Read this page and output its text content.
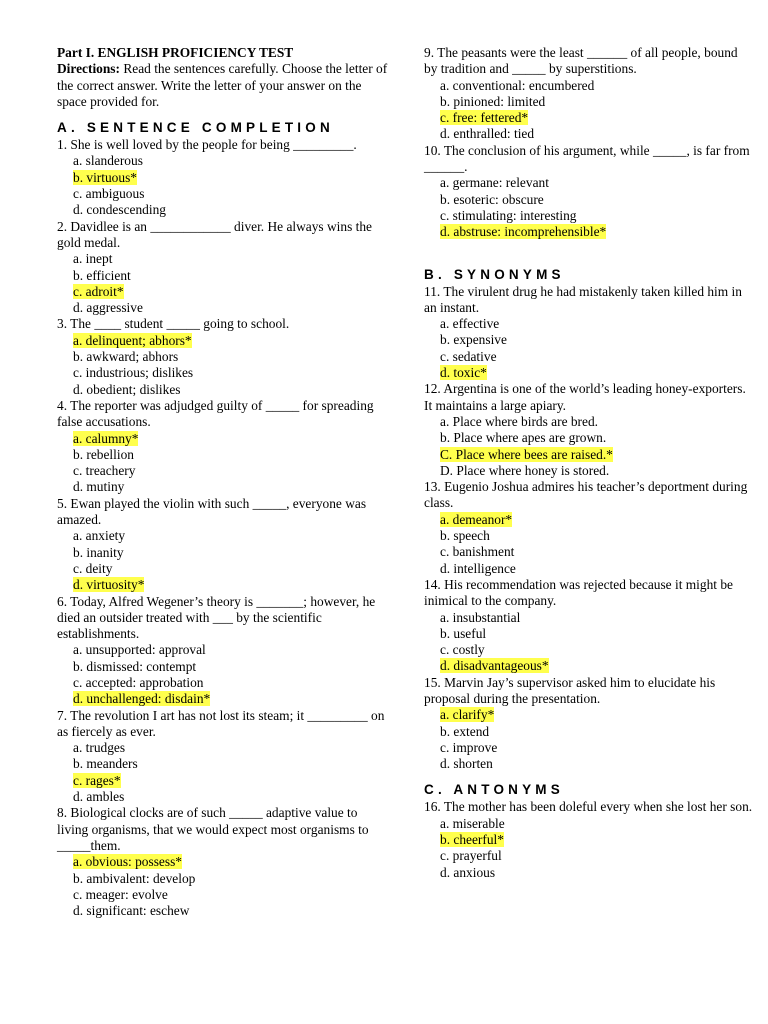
Part I. ENGLISH PROFICIENCY TEST
Directions: Read the sentences carefully. Choose the letter of the correct answer. Write the letter of your answer on the space provided for.
A. SENTENCE COMPLETION
1. She is well loved by the people for being _________.
a. slanderous
b. virtuous*
c. ambiguous
d. condescending
2. Davidlee is an ____________ diver. He always wins the gold medal.
a. inept
b. efficient
c. adroit*
d. aggressive
3. The ____ student _____ going to school.
a. delinquent; abhors*
b. awkward; abhors
c. industrious; dislikes
d. obedient; dislikes
4. The reporter was adjudged guilty of _____ for spreading false accusations.
a. calumny*
b. rebellion
c. treachery
d. mutiny
5. Ewan played the violin with such _____, everyone was amazed.
a. anxiety
b. inanity
c. deity
d. virtuosity*
6. Today, Alfred Wegener’s theory is _______; however, he died an outsider treated with ___ by the scientific establishments.
a. unsupported: approval
b. dismissed: contempt
c. accepted: approbation
d. unchallenged: disdain*
7. The revolution I art has not lost its steam; it _________ on as fiercely as ever.
a. trudges
b. meanders
c. rages*
d. ambles
8. Biological clocks are of such _____ adaptive value to living organisms, that we would expect most organisms to _____them.
a. obvious: possess*
b. ambivalent: develop
c. meager: evolve
d. significant: eschew
9. The peasants were the least ______ of all people, bound by tradition and _____ by superstitions.
a. conventional: encumbered
b. pinioned: limited
c. free: fettered*
d. enthralled: tied
10. The conclusion of his argument, while _____, is far from ______.
a. germane: relevant
b. esoteric: obscure
c. stimulating: interesting
d. abstruse: incomprehensible*
B. SYNONYMS
11. The virulent drug he had mistakenly taken killed him in an instant.
a. effective
b. expensive
c. sedative
d. toxic*
12. Argentina is one of the world’s leading honey-exporters. It maintains a large apiary.
a. Place where birds are bred.
b. Place where apes are grown.
C. Place where bees are raised.*
D. Place where honey is stored.
13. Eugenio Joshua admires his teacher’s deportment during class.
a. demeanor*
b. speech
c. banishment
d. intelligence
14. His recommendation was rejected because it might be inimical to the company.
a. insubstantial
b. useful
c. costly
d. disadvantageous*
15. Marvin Jay’s supervisor asked him to elucidate his proposal during the presentation.
a. clarify*
b. extend
c. improve
d. shorten
C. ANTONYMS
16. The mother has been doleful every when she lost her son.
a. miserable
b. cheerful*
c. prayerful
d. anxious
